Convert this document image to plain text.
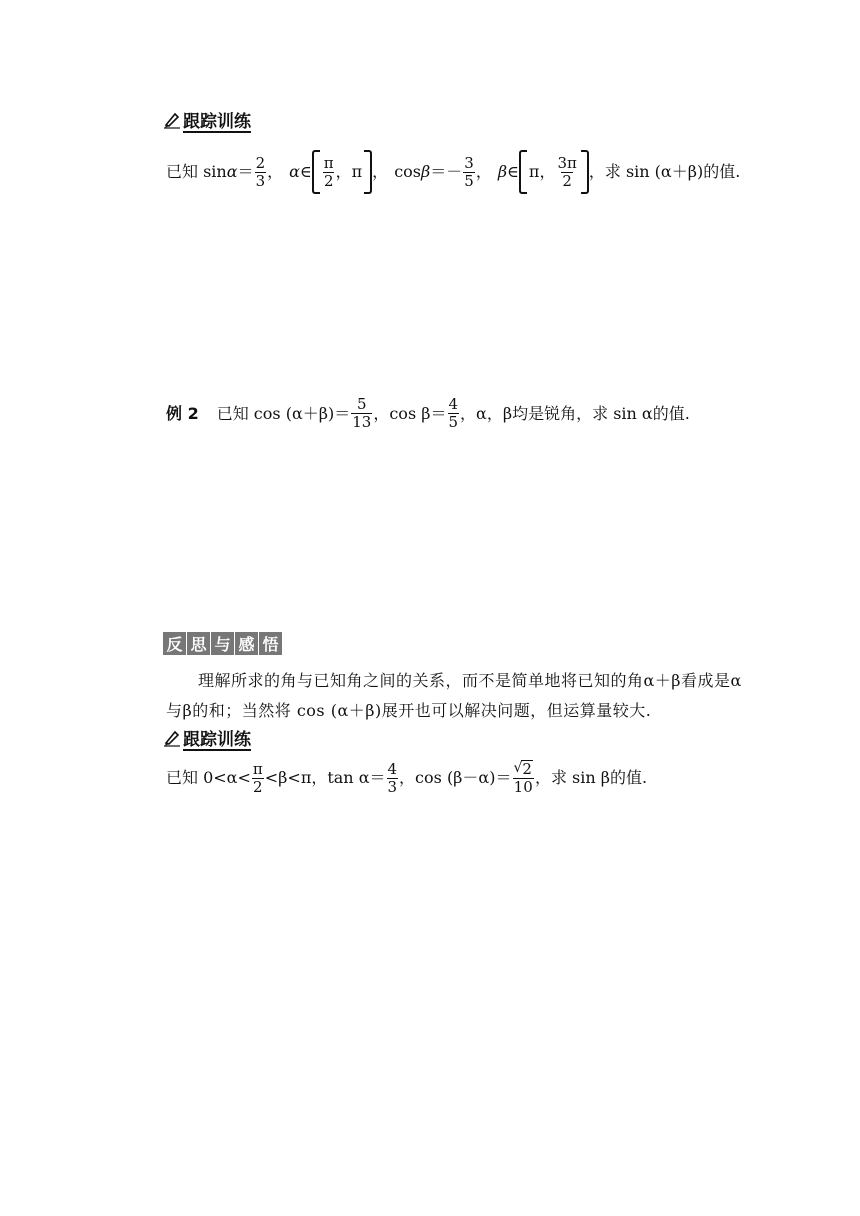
跟踪训练
已知 $\sin \alpha = \frac{2}{3}$ ， α ∈ $\frac{\pi}{2}$ ， π ， $\cos \beta =- \frac{3}{5}$ ， β ∈ π ， $\frac{3\pi}{2}$ ，求 sin (α＋β)的值.
例 2 已知 $\cos (\alpha+\beta)= \frac{5}{13}$ ，$\cos \beta= \frac{4}{5}$ ，α，β均是锐角，求 sin α的值.
反 思 与 感 悟
理解所求的角与已知角之间的关系，而不是简单地将已知的角α＋β看成是α与β的和；当然将 cos (α＋β)展开也可以解决问题，但运算量较大.
跟踪训练
已知 $0<\alpha< \frac{\pi}{2} <\beta<\pi$，$\tan \alpha= \frac{4}{3}$ ，$\cos (\beta-\alpha)= \frac{√ 2}{10}$ ，求 sin β的值.
